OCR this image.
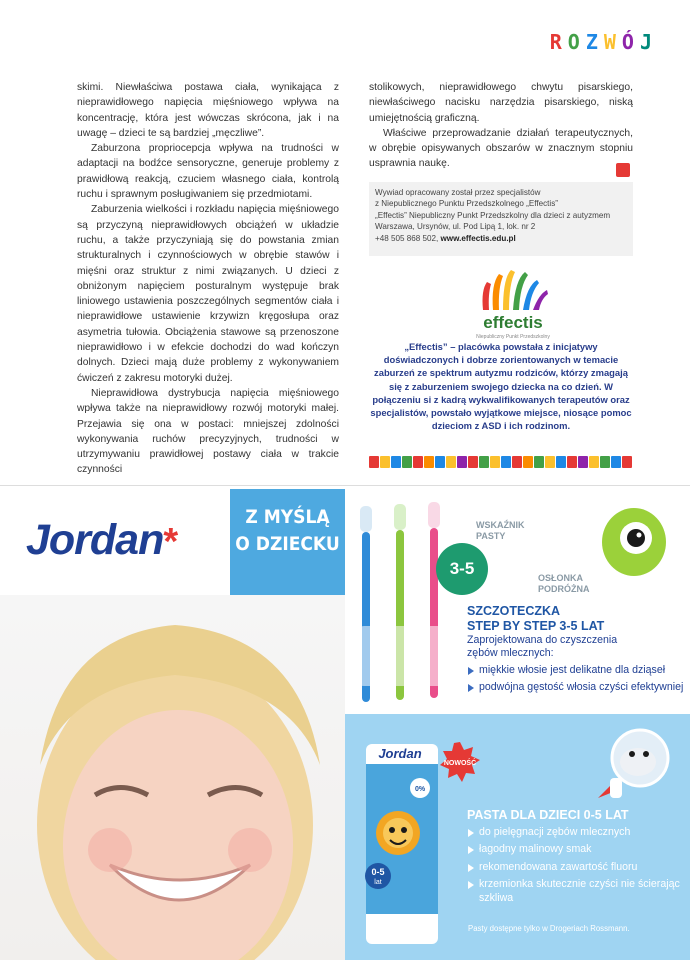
R O Z W Ó J

skimi. Niewłaściwa postawa ciała, wynikająca z nieprawidłowego napięcia mięśniowego wpływa na koncentrację, która jest wówczas skrócona, jak i na uwagę – dzieci te są bardziej „męczliwe”.

Zaburzona propriocepcja wpływa na trudności w adaptacji na bodźce sensoryczne, generuje problemy z prawidłową reakcją, czuciem własnego ciała, kontrolą ruchu i sprawnym posługiwaniem się przedmiotami.

Zaburzenia wielkości i rozkładu napięcia mięśniowego są przyczyną nieprawidłowych obciążeń w układzie ruchu, a także przyczyniają się do powstania zmian strukturalnych i czynnościowych w obrębie stawów i mięśni oraz struktur z nimi związanych. U dzieci z obniżonym napięciem posturalnym występuje brak liniowego ustawienia poszczególnych segmentów ciała i nieprawidłowe ustawienie krzywizn kręgosłupa oraz asymetria tułowia. Obciążenia stawowe są przenoszone nieprawidłowo i w efekcie dochodzi do wad kończyn dolnych. Dzieci mają duże problemy z wykonywaniem ćwiczeń z zakresu motoryki dużej.

Nieprawidłowa dystrybucja napięcia mięśniowego wpływa także na nieprawidłowy rozwój motoryki małej. Przejawia się ona w postaci: mniejszej zdolności wykonywania ruchów precyzyjnych, trudności w utrzymywaniu prawidłowej postawy ciała w trakcie czynności

stolikowych, nieprawidłowego chwytu pisarskiego, niewłaściwego nacisku narzędzia pisarskiego, niską umiejętnością graficzną.

Właściwe przeprowadzanie działań terapeutycznych, w obrębie opisywanych obszarów w znacznym stopniu usprawnia naukę.

Wywiad opracowany został przez specjalistów
z Niepublicznego Punktu Przedszkolnego „Effectis”
„Effectis” Niepubliczny Punkt Przedszkolny dla dzieci z autyzmem
Warszawa, Ursynów, ul. Pod Lipą 1, lok. nr 2
+48 505 868 502, www.effectis.edu.pl
effectis
Niepubliczny Punkt Przedszkolny
„Effectis” – placówka powstała z inicjatywy doświadczonych i dobrze zorientowanych w temacie zaburzeń ze spektrum autyzmu rodziców, którzy zmagają się z zaburzeniem swojego dziecka na co dzień. W połączeniu si z kadrą wykwalifikowanych terapeutów oraz specjalistów, powstało wyjątkowe miejsce, niosące pomoc dzieciom z ASD i ich rodzinom.
Jordan*
Z MYŚLĄ
O DZIECKU
WSKAŹNIK
PASTY
OSŁONKA
PODRÓŻNA
3-5
SZCZOTECZKA
STEP BY STEP 3-5 LAT
Zaprojektowana do czyszczenia
zębów mlecznych:
miękkie włosie jest delikatne dla dziąseł
podwójna gęstość włosia czyści efektywniej
Jordan
0%
0-5
lat
NOWOŚĆ
PASTA DLA DZIECI 0-5 LAT
do pielęgnacji zębów mlecznych
łagodny malinowy smak
rekomendowana zawartość fluoru
krzemionka skutecznie czyści nie ścierając szkliwa
Pasty dostępne tylko w Drogeriach Rossmann.
